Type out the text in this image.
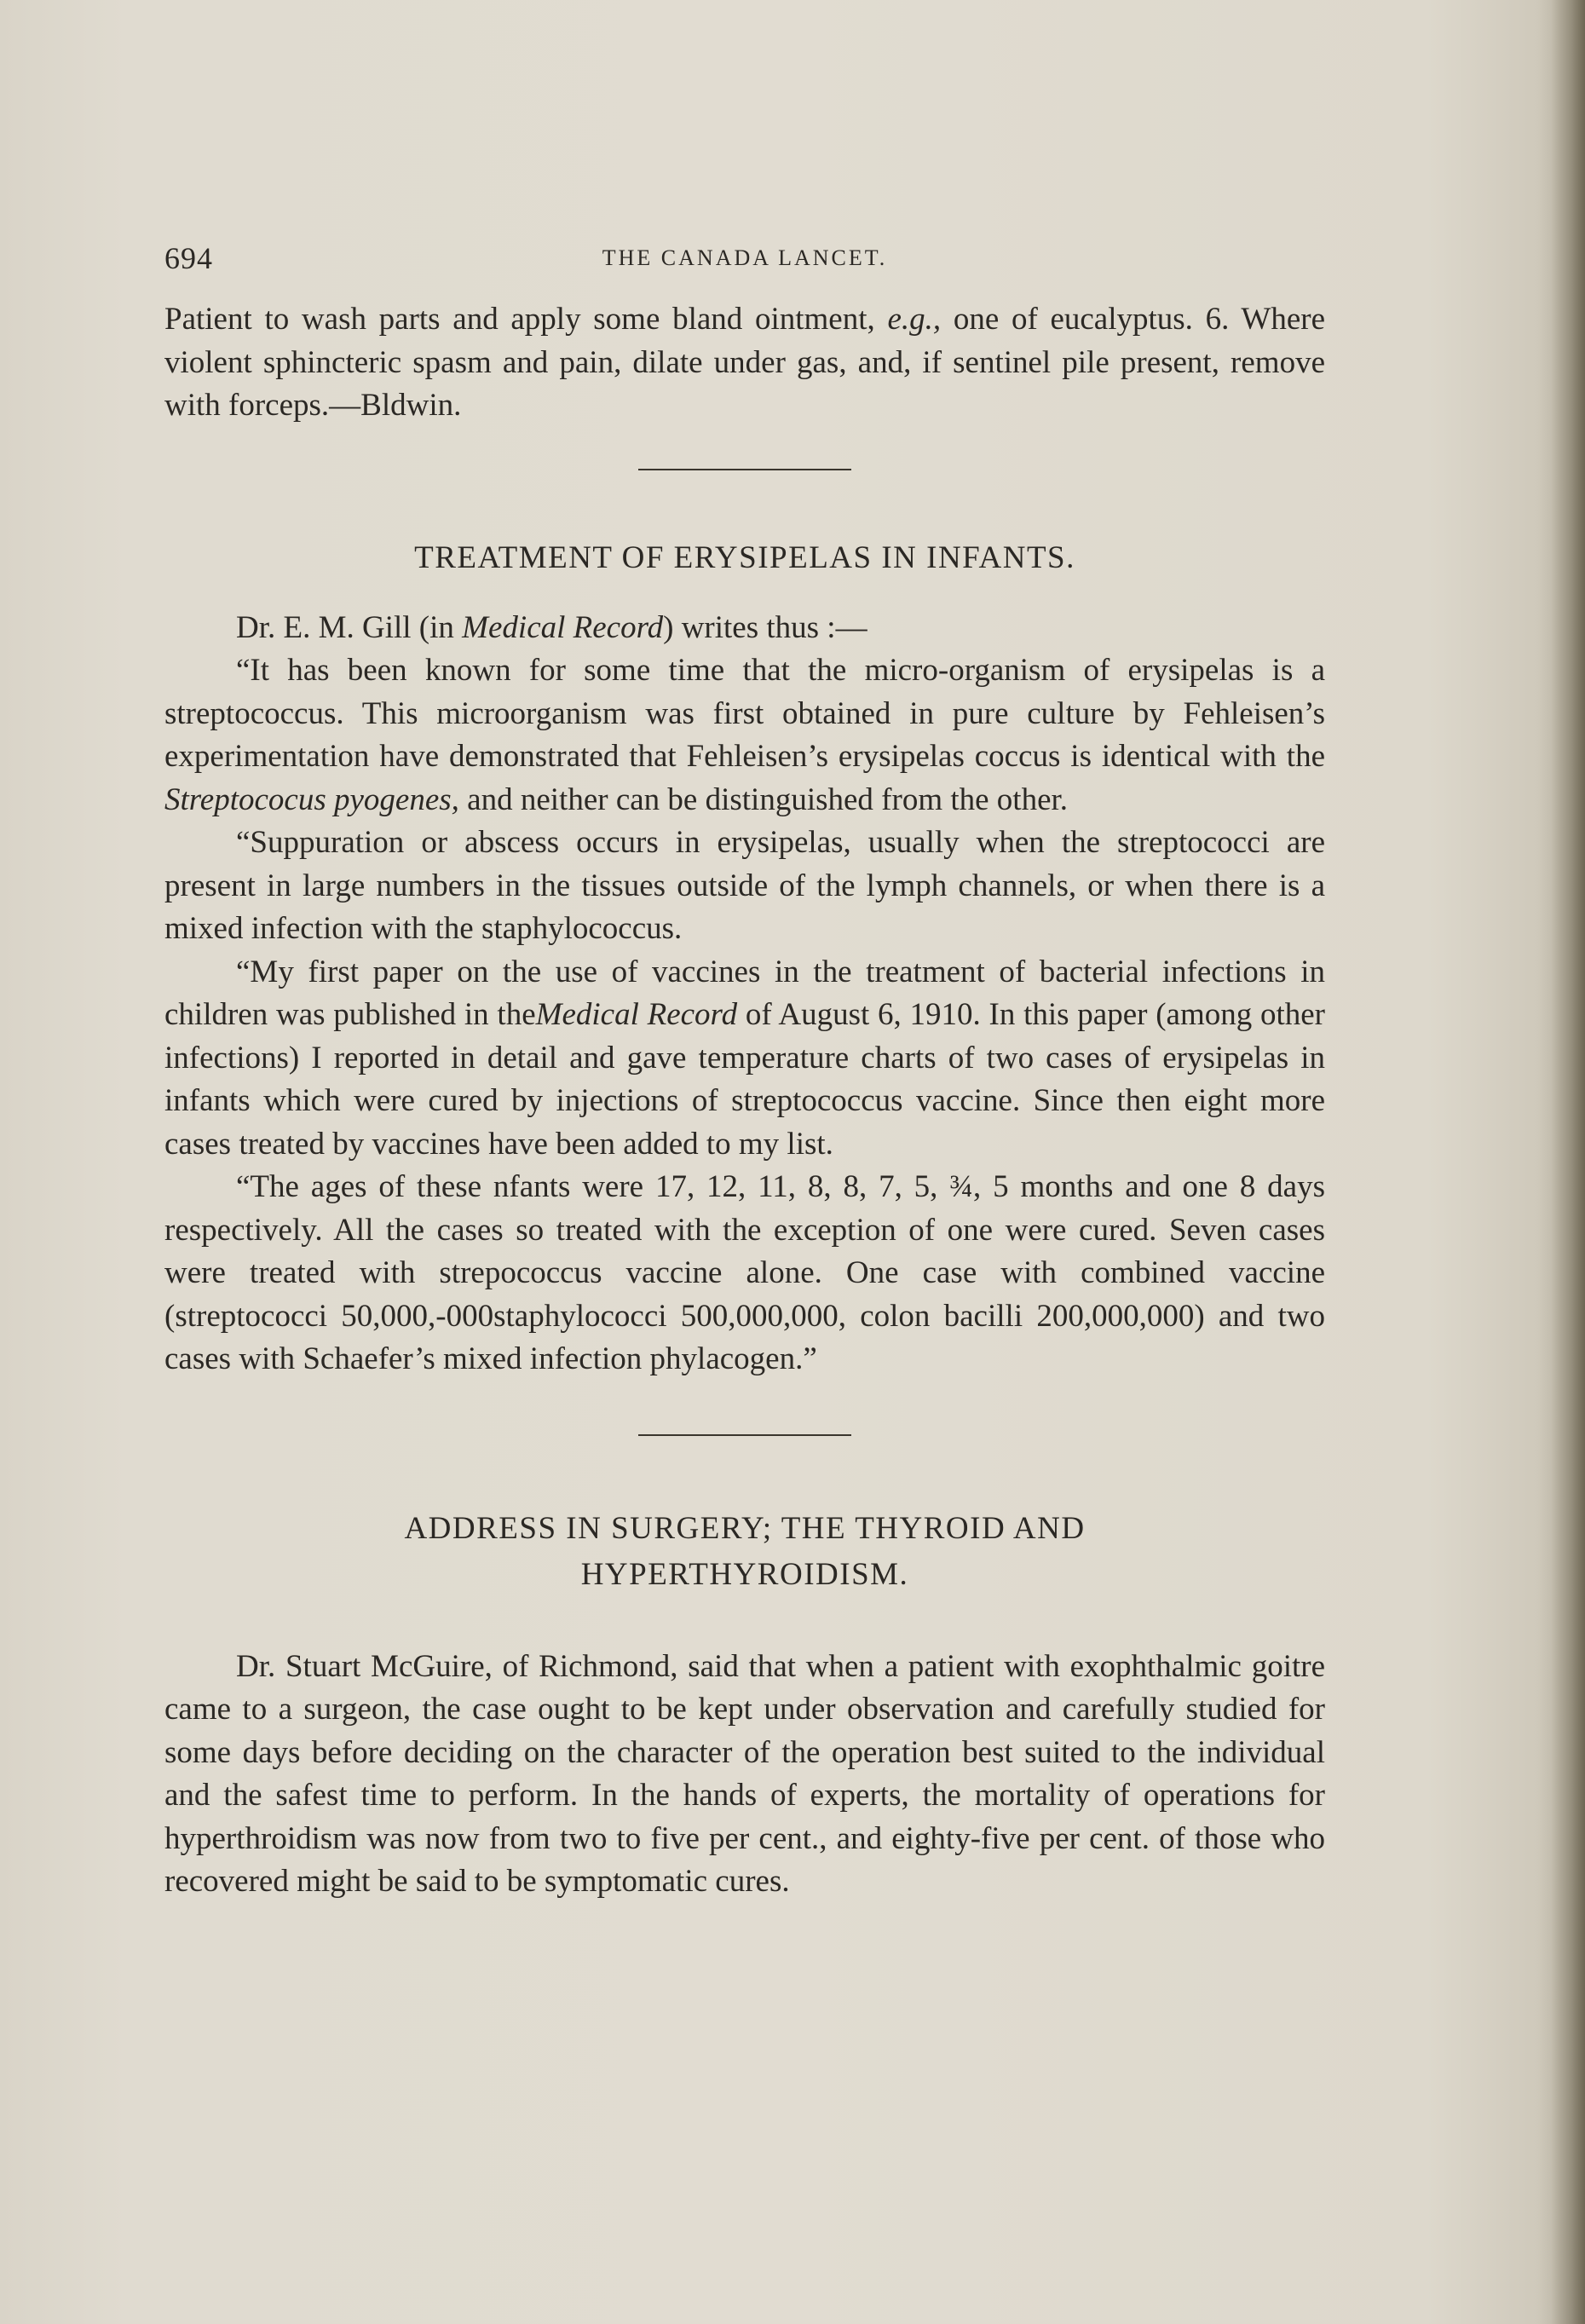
694	THE CANADA LANCET.

Patient to wash parts and apply some bland ointment, e.g., one of eucalyptus. 6. Where violent sphincteric spasm and pain, dilate under gas, and, if sentinel pile present, remove with forceps.—Bldwin.

TREATMENT OF ERYSIPELAS IN INFANTS.

Dr. E. M. Gill (in Medical Record) writes thus :—

“It has been known for some time that the micro-organism of erysipelas is a streptococcus. This microorganism was first obtained in pure culture by Fehleisen’s experimentation have demonstrated that Fehleisen’s erysipelas coccus is identical with the Streptococus pyogenes, and neither can be distinguished from the other.

“Suppuration or abscess occurs in erysipelas, usually when the streptococci are present in large numbers in the tissues outside of the lymph channels, or when there is a mixed infection with the staphylococcus.

“My first paper on the use of vaccines in the treatment of bacterial infections in children was published in theMedical Record of August 6, 1910. In this paper (among other infections) I reported in detail and gave temperature charts of two cases of erysipelas in infants which were cured by injections of streptococcus vaccine. Since then eight more cases treated by vaccines have been added to my list.

“The ages of these nfants were 17, 12, 11, 8, 8, 7, 5, ¾, 5 months and one 8 days respectively. All the cases so treated with the exception of one were cured. Seven cases were treated with strepococcus vaccine alone. One case with combined vaccine (streptococci 50,000,-000staphylococci 500,000,000, colon bacilli 200,000,000) and two cases with Schaefer’s mixed infection phylacogen.”

ADDRESS IN SURGERY; THE THYROID AND
HYPERTHYROIDISM.

Dr. Stuart McGuire, of Richmond, said that when a patient with exophthalmic goitre came to a surgeon, the case ought to be kept under observation and carefully studied for some days before deciding on the character of the operation best suited to the individual and the safest time to perform. In the hands of experts, the mortality of operations for hyperthroidism was now from two to five per cent., and eighty-five per cent. of those who recovered might be said to be symptomatic cures.
